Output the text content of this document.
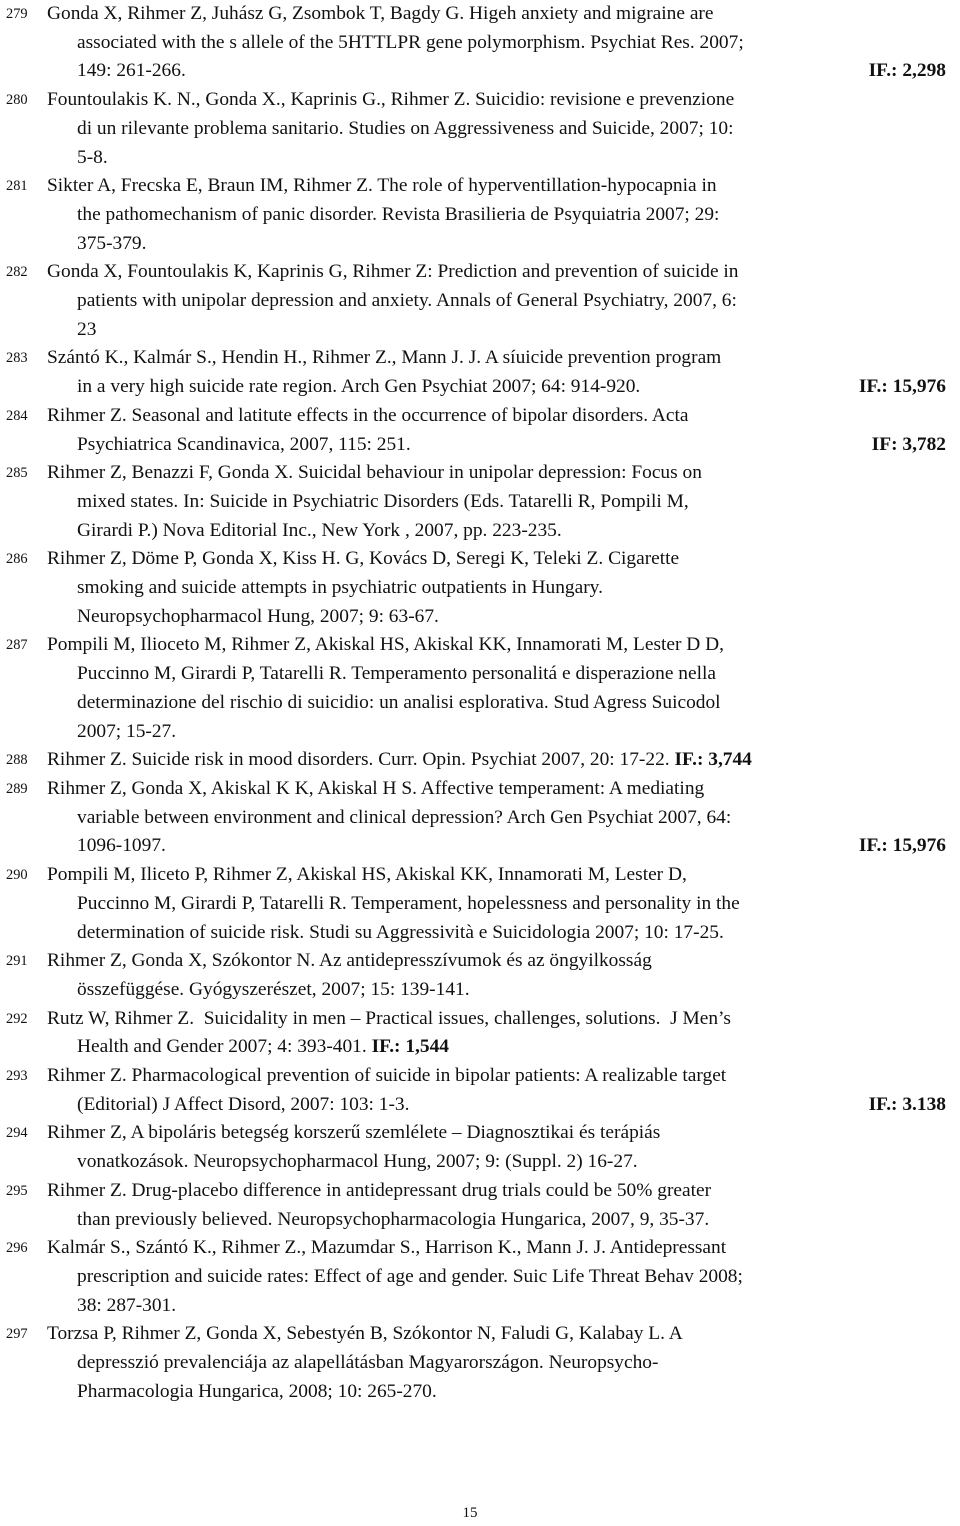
279	Gonda X, Rihmer Z, Juhász G, Zsombok T, Bagdy G. Higeh anxiety and migraine are
associated with the s allele of the 5HTTLPR gene polymorphism. Psychiat Res. 2007;
149: 261-266.	IF.: 2,298
280	Fountoulakis K. N., Gonda X., Kaprinis G., Rihmer Z. Suicidio: revisione e prevenzione
di un rilevante problema sanitario. Studies on Aggressiveness and Suicide, 2007; 10:
5-8.
281	Sikter A, Frecska E, Braun IM, Rihmer Z. The role of hyperventillation-hypocapnia in
the pathomechanism of panic disorder. Revista Brasilieria de Psyquiatria 2007; 29:
375-379.
282	Gonda X, Fountoulakis K, Kaprinis G, Rihmer Z: Prediction and prevention of suicide in
patients with unipolar depression and anxiety. Annals of General Psychiatry, 2007, 6:
23
283	Szántó K., Kalmár S., Hendin H., Rihmer Z., Mann J. J. A síuicide prevention program
in a very high suicide rate region. Arch Gen Psychiat 2007; 64: 914-920.	IF.: 15,976
284	Rihmer Z. Seasonal and latitute effects in the occurrence of bipolar disorders. Acta
Psychiatrica Scandinavica, 2007, 115: 251.	IF: 3,782
285	Rihmer Z, Benazzi F, Gonda X. Suicidal behaviour in unipolar depression: Focus on
mixed states. In: Suicide in Psychiatric Disorders (Eds. Tatarelli R, Pompili M,
Girardi P.) Nova Editorial Inc., New York , 2007, pp. 223-235.
286	Rihmer Z, Döme P, Gonda X, Kiss H. G, Kovács D, Seregi K, Teleki Z. Cigarette
smoking and suicide attempts in psychiatric outpatients in Hungary.
Neuropsychopharmacol Hung, 2007; 9: 63-67.
287	Pompili M, Ilioceto M, Rihmer Z, Akiskal HS, Akiskal KK, Innamorati M, Lester D D,
Puccinno M, Girardi P, Tatarelli R. Temperamento personalitá e disperazione nella
determinazione del rischio di suicidio: un analisi esplorativa. Stud Agress Suicodol
2007; 15-27.
288	Rihmer Z. Suicide risk in mood disorders. Curr. Opin. Psychiat 2007, 20: 17-22. IF.: 3,744
289	Rihmer Z, Gonda X, Akiskal K K, Akiskal H S. Affective temperament: A mediating
variable between environment and clinical depression? Arch Gen Psychiat 2007, 64:
1096-1097.	IF.: 15,976
290	Pompili M, Iliceto P, Rihmer Z, Akiskal HS, Akiskal KK, Innamorati M, Lester D,
Puccinno M, Girardi P, Tatarelli R. Temperament, hopelessness and personality in the
determination of suicide risk. Studi su Aggressività e Suicidologia 2007; 10: 17-25.
291	Rihmer Z, Gonda X, Szókontor N. Az antidepresszívumok és az öngyilkosság
összefüggése. Gyógyszerészet, 2007; 15: 139-141.
292	Rutz W, Rihmer Z.  Suicidality in men – Practical issues, challenges, solutions.  J Men’s
Health and Gender 2007; 4: 393-401. IF.: 1,544
293	Rihmer Z. Pharmacological prevention of suicide in bipolar patients: A realizable target
(Editorial) J Affect Disord, 2007: 103: 1-3.	IF.: 3.138
294	Rihmer Z, A bipoláris betegség korszerű szemlélete – Diagnosztikai és terápiás
vonatkozások. Neuropsychopharmacol Hung, 2007; 9: (Suppl. 2) 16-27.
295	Rihmer Z. Drug-placebo difference in antidepressant drug trials could be 50% greater
than previously believed. Neuropsychopharmacologia Hungarica, 2007, 9, 35-37.
296	Kalmár S., Szántó K., Rihmer Z., Mazumdar S., Harrison K., Mann J. J. Antidepressant
prescription and suicide rates: Effect of age and gender. Suic Life Threat Behav 2008;
38: 287-301.
297	Torzsa P, Rihmer Z, Gonda X, Sebestyén B, Szókontor N, Faludi G, Kalabay L. A
depresszió prevalenciája az alapellátásban Magyarországon. Neuropsycho-
Pharmacologia Hungarica, 2008; 10: 265-270.
15
